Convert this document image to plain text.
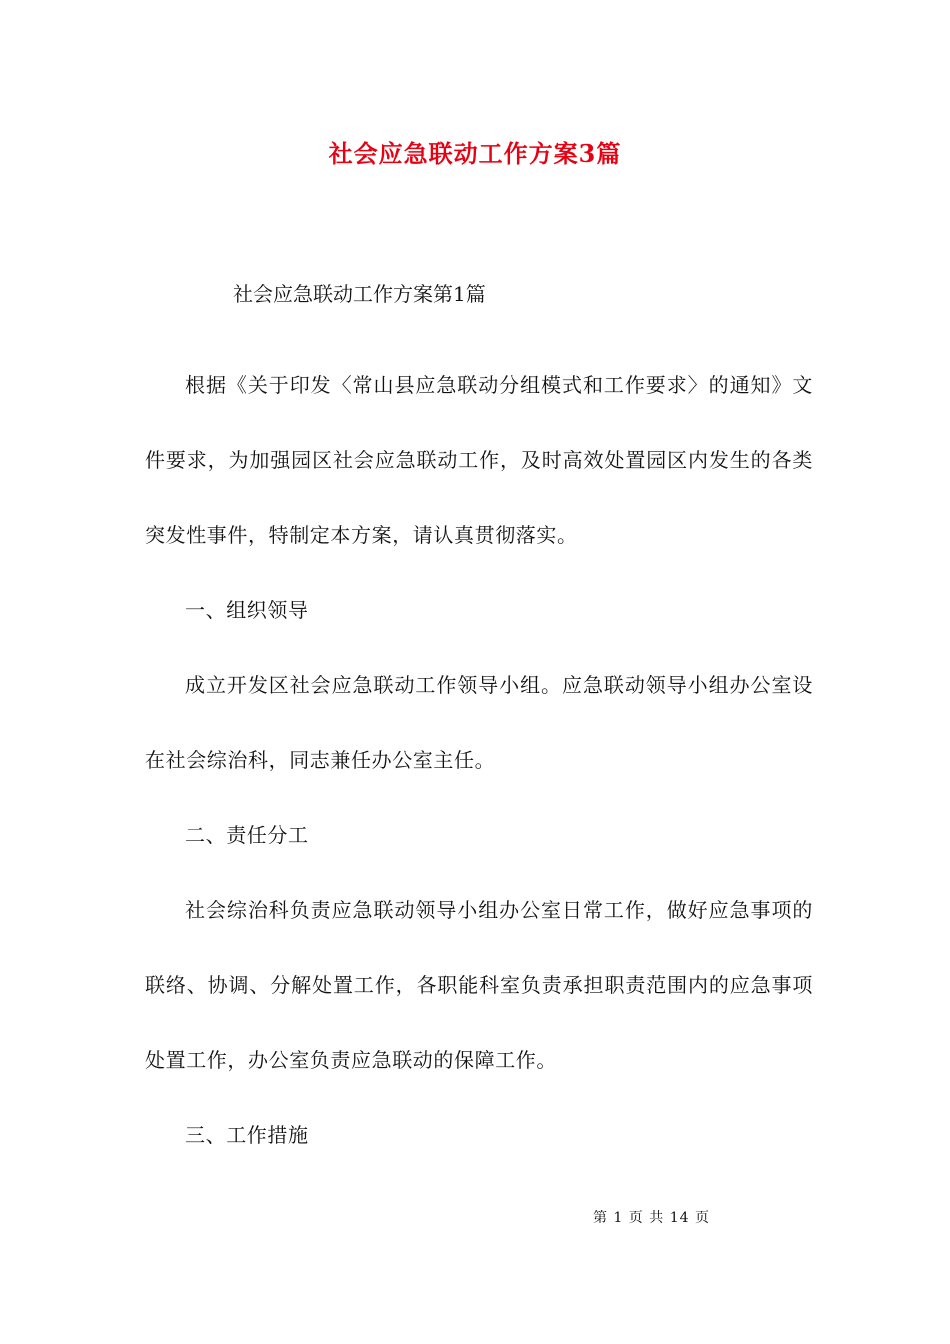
社会应急联动工作方案3篇
社会应急联动工作方案第1篇

根据《关于印发〈常山县应急联动分组模式和工作要求〉的通知》文件要求，为加强园区社会应急联动工作，及时高效处置园区内发生的各类突发性事件，特制定本方案，请认真贯彻落实。

一、组织领导

成立开发区社会应急联动工作领导小组。应急联动领导小组办公室设在社会综治科，同志兼任办公室主任。

二、责任分工

社会综治科负责应急联动领导小组办公室日常工作，做好应急事项的联络、协调、分解处置工作，各职能科室负责承担职责范围内的应急事项处置工作，办公室负责应急联动的保障工作。

三、工作措施

第 1 页 共 14 页
